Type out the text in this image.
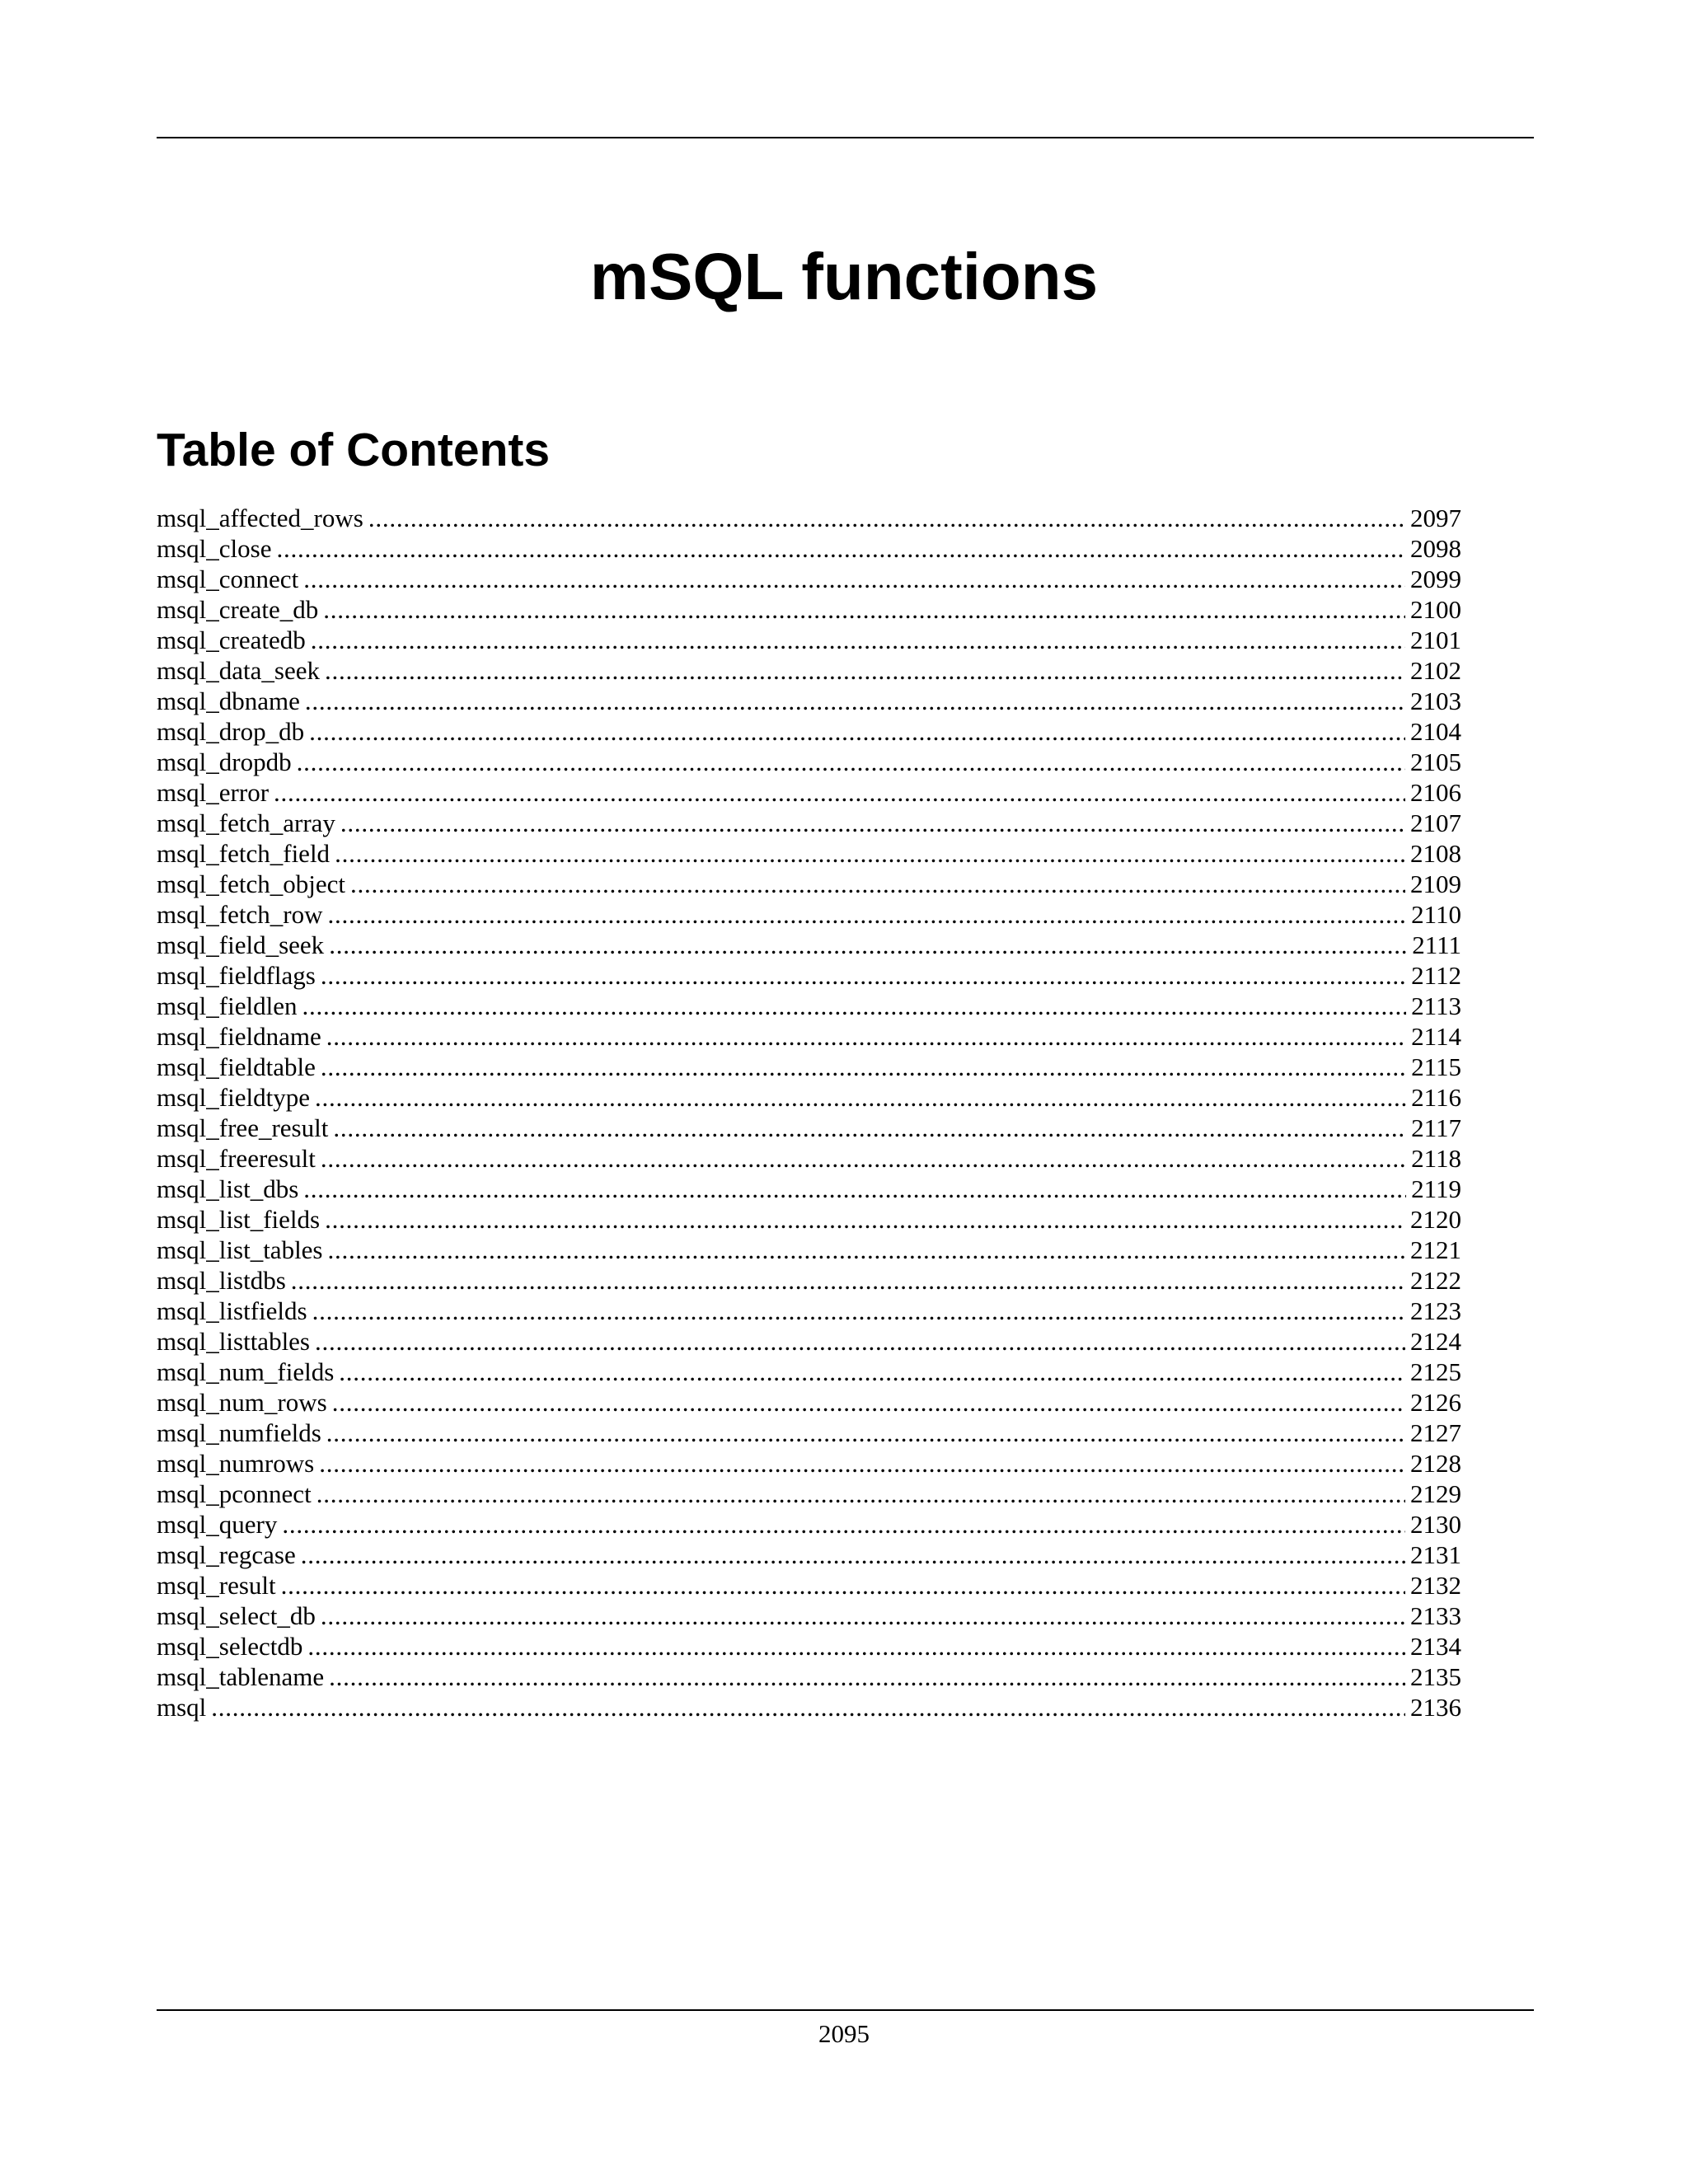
mSQL functions
Table of Contents
msql_affected_rows . . .	2097
msql_close . . .	2098
msql_connect . . .	2099
msql_create_db . . .	2100
msql_createdb . . .	2101
msql_data_seek . . .	2102
msql_dbname . . .	2103
msql_drop_db . . .	2104
msql_dropdb . . .	2105
msql_error . . .	2106
msql_fetch_array . . .	2107
msql_fetch_field . . .	2108
msql_fetch_object . . .	2109
msql_fetch_row . . .	2110
msql_field_seek . . .	2111
msql_fieldflags . . .	2112
msql_fieldlen . . .	2113
msql_fieldname . . .	2114
msql_fieldtable . . .	2115
msql_fieldtype . . .	2116
msql_free_result . . .	2117
msql_freeresult . . .	2118
msql_list_dbs . . .	2119
msql_list_fields . . .	2120
msql_list_tables . . .	2121
msql_listdbs . . .	2122
msql_listfields . . .	2123
msql_listtables . . .	2124
msql_num_fields . . .	2125
msql_num_rows . . .	2126
msql_numfields . . .	2127
msql_numrows . . .	2128
msql_pconnect . . .	2129
msql_query . . .	2130
msql_regcase . . .	2131
msql_result . . .	2132
msql_select_db . . .	2133
msql_selectdb . . .	2134
msql_tablename . . .	2135
msql . . .	2136
2095
